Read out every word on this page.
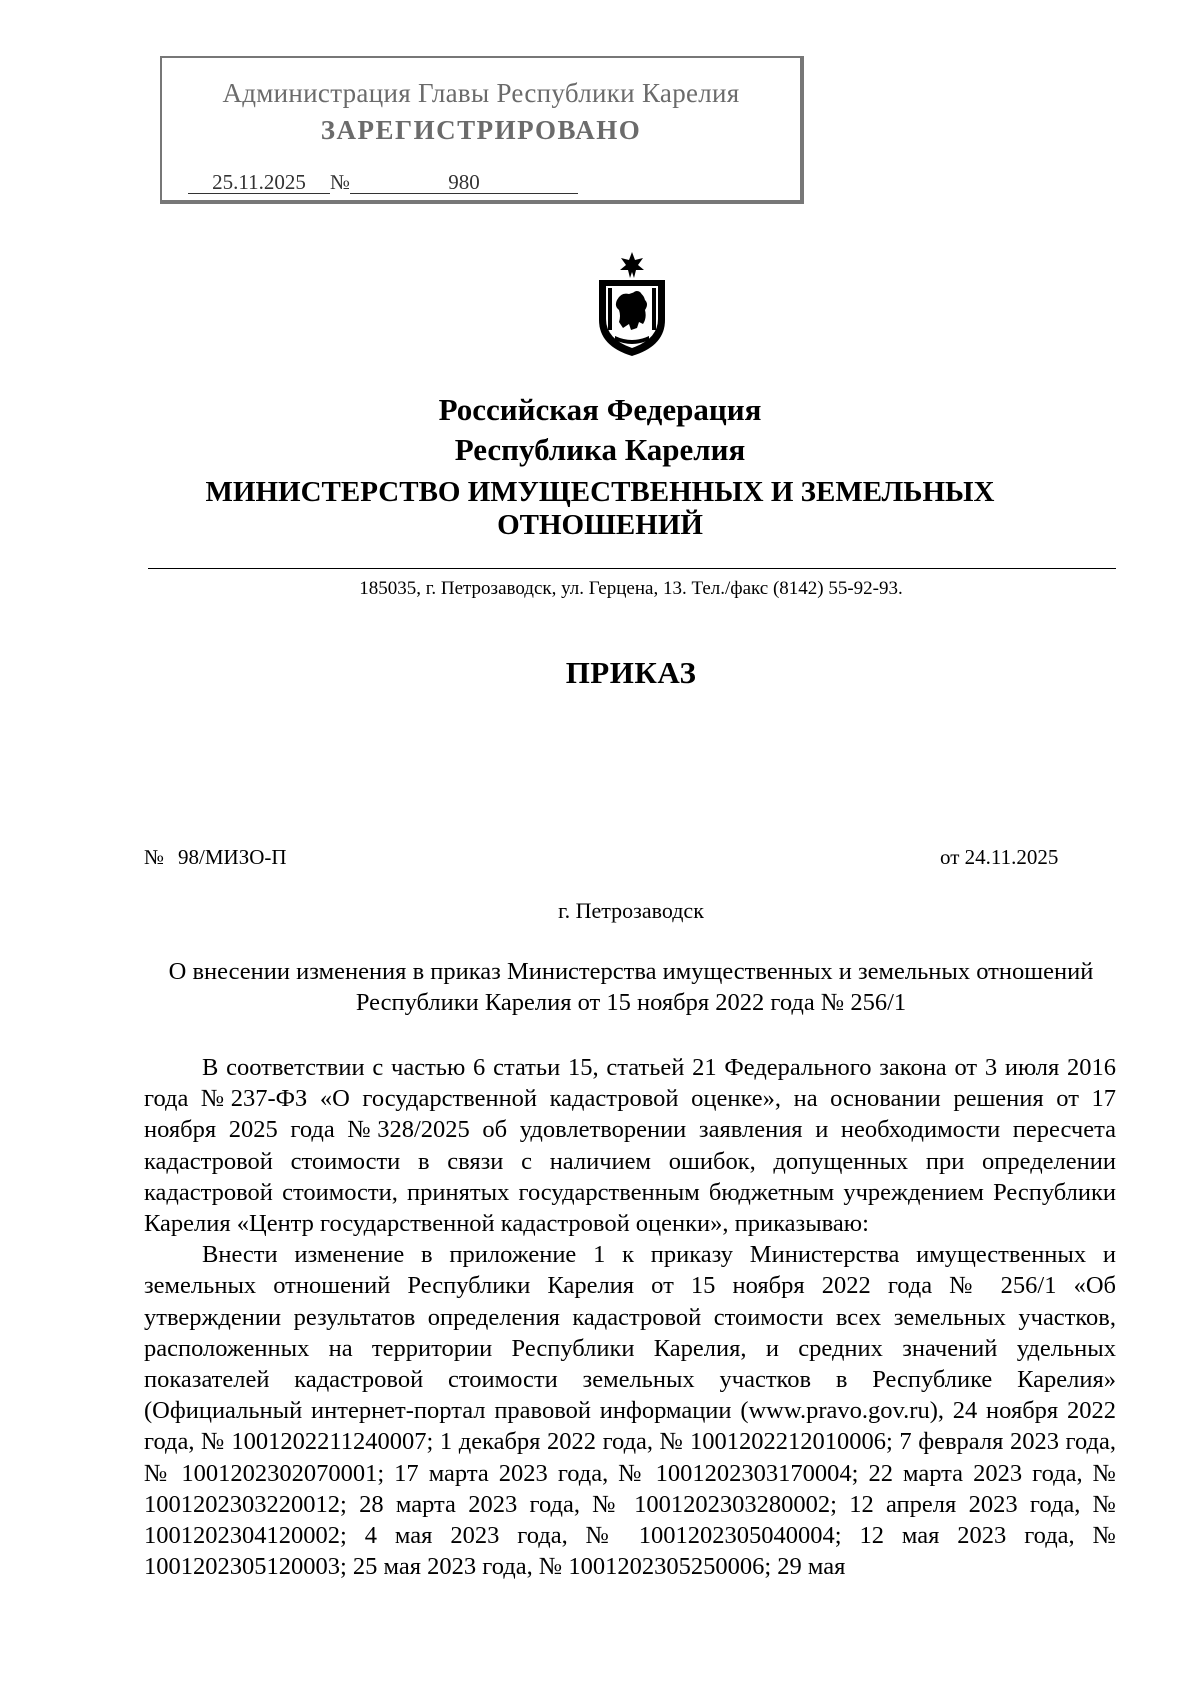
Администрация Главы Республики Карелия
ЗАРЕГИСТРИРОВАНО
25.11.2025 №	980
Российская Федерация
Республика Карелия
МИНИСТЕРСТВО ИМУЩЕСТВЕННЫХ И ЗЕМЕЛЬНЫХ
ОТНОШЕНИЙ
185035, г. Петрозаводск, ул. Герцена, 13. Тел./факс (8142) 55-92-93.
ПРИКАЗ
№ 98/МИЗО-П	от 24.11.2025
г. Петрозаводск
О внесении изменения в приказ Министерства имущественных и земельных отношений Республики Карелия от 15 ноября 2022 года № 256/1

В соответствии с частью 6 статьи 15, статьей 21 Федерального закона от 3 июля 2016 года №237-ФЗ «О государственной кадастровой оценке», на основании решения от 17 ноября 2025 года №328/2025 об удовлетворении заявления и необходимости пересчета кадастровой стоимости в связи с наличием ошибок, допущенных при определении кадастровой стоимости, принятых государственным бюджетным учреждением Республики Карелия «Центр государственной кадастровой оценки», приказываю:

Внести изменение в приложение 1 к приказу Министерства имущественных и земельных отношений Республики Карелия от 15 ноября 2022 года № 256/1 «Об утверждении результатов определения кадастровой стоимости всех земельных участков, расположенных на территории Республики Карелия, и средних значений удельных показателей кадастровой стоимости земельных участков в Республике Карелия» (Официальный интернет-портал правовой информации (www.pravo.gov.ru), 24 ноября 2022 года, № 1001202211240007; 1 декабря 2022 года, № 1001202212010006; 7 февраля 2023 года, № 1001202302070001; 17 марта 2023 года, № 1001202303170004; 22 марта 2023 года, № 1001202303220012; 28 марта 2023 года, № 1001202303280002; 12 апреля 2023 года, № 1001202304120002; 4 мая 2023 года, № 1001202305040004; 12 мая 2023 года, № 1001202305120003; 25 мая 2023 года, № 1001202305250006; 29 мая
